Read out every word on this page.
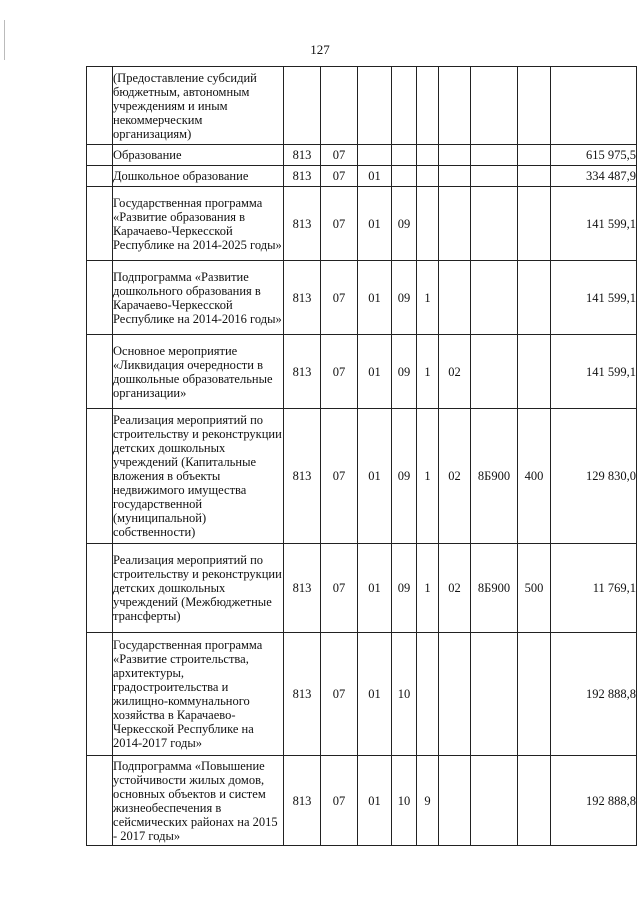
127
	(Предоставление субсидий бюджетным, автономным учреждениям и иным некоммерческим организациям)									
	Образование	813	07							615 975,5
	Дошкольное образование	813	07	01						334 487,9
	Государственная программа «Развитие образования в Карачаево-Черкесской Республике на 2014-2025 годы»	813	07	01	09					141 599,1
	Подпрограмма «Развитие дошкольного образования в Карачаево-Черкесской Республике на 2014-2016 годы»	813	07	01	09	1				141 599,1
	Основное мероприятие «Ликвидация очередности в дошкольные образовательные организации»	813	07	01	09	1	02			141 599,1
	Реализация мероприятий по строительству и реконструкции детских дошкольных учреждений (Капитальные вложения в объекты недвижимого имущества государственной (муниципальной) собственности)	813	07	01	09	1	02	8Б900	400	129 830,0
	Реализация мероприятий по строительству и реконструкции детских дошкольных учреждений (Межбюджетные трансферты)	813	07	01	09	1	02	8Б900	500	11 769,1
	Государственная программа «Развитие строительства, архитектуры, градостроительства и жилищно-коммунального хозяйства в Карачаево-Черкесской Республике на 2014-2017 годы»	813	07	01	10					192 888,8
	Подпрограмма «Повышение устойчивости жилых домов, основных объектов и систем жизнеобеспечения в сейсмических районах на 2015 - 2017 годы»	813	07	01	10	9				192 888,8
